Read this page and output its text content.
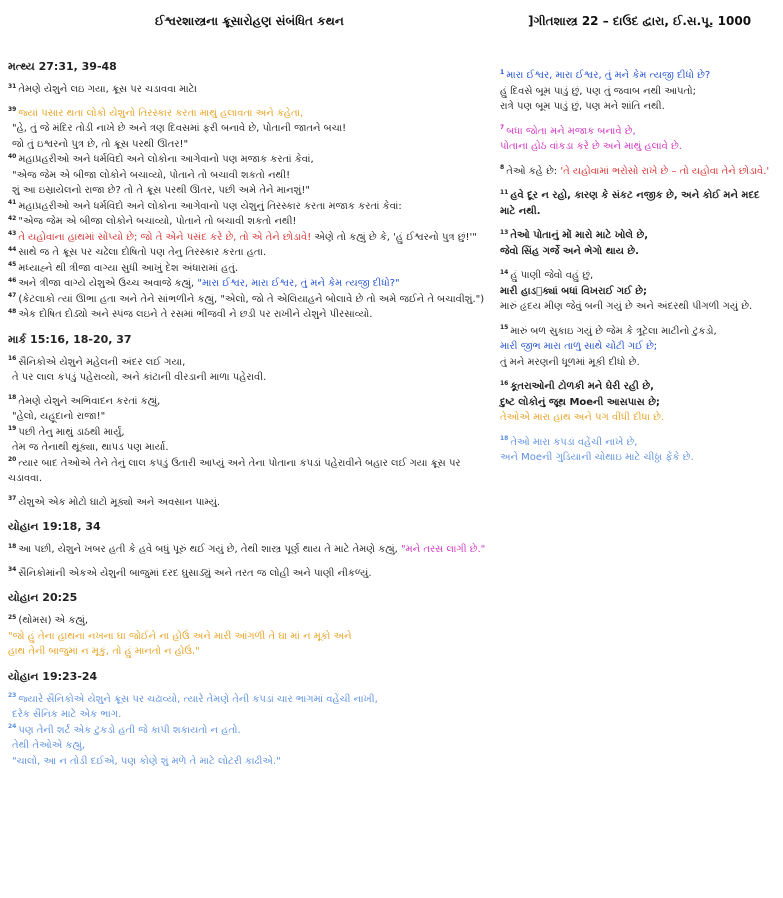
ઈશ્વરશાસ્ત્રના ક્રૂસારોહણ સંબંધિત કથન	]ગીતશાસ્ત્ર 22 – દાઉદ દ્વારા, ઈ.સ.પૂ. 1000
મત્થ્ય 27:31, 39-48

$^{31}$ તેમણે યેશુને લઇ ગયા, ક્રૂસ પર ચડાવવા માટે।

$^{39}$ જ્યાં પસાર થતા લોકો યેશુનો તિરસ્કાર કરતા માથું હલાવતા અને કહેતા,

"હે, તું જે મંદિર તોડી નાખે છે અને ત્રણ દિવસમાં ફરી બનાવે છે, પોતાની જાતને બચા!

જો તું ઇશ્વરનો પુત્ર છે, તો ક્રૂસ પરથી ઊતર!"

$^{40}$ મહાપ્રહરીઓ અને ધર્મવિદો અને લોકોના આગેવાનો પણ મજાક કરતાં કેવાં,

"એજ જેમ એ બીજા લોકોને બચાવ્યો, પોતાને તો બચાવી શકતો નથી!

શું આ ઇસ્રાયેલનો રાજા છે? તો તે ક્રૂસ પરથી ઊતર, પછી અમે તેને માનશું!"

$^{41}$ મહાપ્રહરીઓ અને ધર્મવિદો અને લોકોના આગેવાનો પણ યેશુનું તિરસ્કાર કરતા મજાક કરતાં કેવાં:

$^{42}$ "એજ જેમ એ બીજા લોકોને બચાવ્યો, પોતાને તો બચાવી શકતો નથી!

$^{43}$ તે યહોવાના હાથમાં સોંપ્યો છે; જો તે એને પસંદ કરે છે, તો એ તેને છોડાવે! એણે તો કહ્યું છે કે, 'હું ઈશ્વરનો પુત્ર છું!'"

$^{44}$ સાથે જ તે ક્રૂસ પર ચઢેલા દોષિતો પણ તેનુ તિરસ્કાર કરતા હતા.

$^{45}$ મધ્યાહ્ને થી ત્રીજા વાગ્યા સુધી આખું દેશ અંધારામાં હતું.

$^{46}$ અને ત્રીજા વાગ્યે યેશુએ ઉચ્ચ અવાજે કહ્યું, "મારા ઈશ્વર, મારા ઈશ્વર, તું મને કેમ ત્યજી દીધો?"

$^{47}$ (કેટલાકો ત્યાં ઊભા હતા અને તેને સાંભળીને કહ્યું, "એલો, જો તે એલિયાહને બોલાવે છે તો અમે જઈને તે બચાવીશું.")

$^{48}$ એક દોષિત દોડ્યો અને સ્પંજ લઇને તે રસમાં ભીંજવી ને છડી પર રાખીને યેશુને પીરસાવ્યો.

માર્ક 15:16, 18-20, 37

$^{16}$ સૈનિકોએ યેશુને મહેલની અંદર લઈ ગયા,

તે પર લાલ કપડું પહેરાવ્યો, અને કાંટાની વીરડાની માળા પહેરાવી.

$^{18}$ તેમણે યેશુને અભિવાદન કરતાં કહ્યું,

"હેલો, યહૂદાનો રાજા!"

$^{19}$ પછી તેનુ માથું ડાઠથી માર્યું,

તેમ જ તેનાથી થૂંક્યા, થાપડ પણ માર્યા.

$^{20}$ ત્યાર બાદ તેઓએ તેને તેનું લાલ કપડું ઉતારી આપ્યું અને તેના પોતાના કપડાં પહેરાવીને બહાર લઈ ગયા ક્રૂસ પર ચડાવવા.

$^{37}$ યેશુએ એક મોટો ઘાટો મૂક્યો અને અવસાન પામ્યું.

યોહાન 19:18, 34

$^{18}$ આ પછી, યેશુને ખબર હતી કે હવે બધું પૂરું થઈ ગયું છે, તેથી શાસ્ત્ર પૂર્ણ થાય તે માટે તેમણે કહ્યું, "મને તરસ લાગી છે."

$^{34}$ સૈનિકોમાંની એકએ યેશુની બાજુમાં દરદ ઘુસાડ્યું અને તરત જ લોહી અને પાણી નીકળ્યું.

યોહાન 20:25

$^{25}$ (થોમસ) એ કહ્યું,

"જો હું તેના હાથના નખના ઘા જોઈને ના હોઉં અને મારી આંગળી તે ઘા માં ન મૂકો અને

હાથ તેની બાજુમાં ન મૂકું, તો હું માનતો ન હોઉં."

યોહાન 19:23-24

$^{23}$ જ્યારે સૈનિકોએ યેશુને ક્રૂસ પર ચઢાવ્યો, ત્યારે તેમણે તેની કપડાં ચાર ભાગમાં વહેંચી નાખી,

દરેક સૈનિક માટે એક ભાગ.

$^{24}$ પણ તેની શર્ટ એક ટુકડો હતી જે કાપી શકાયતો ન હતો.

તેથી તેઓએ કહ્યું,

"ચાલો, આ ન તોડી દઈએ, પણ કોણે શું મળે તે માટે લોટરી કાઢીએ."

$^1$ મારા ઈશ્વર, મારા ઈશ્વર, તું મને કેમ ત્યજી દીધો છે?

હું દિવસે બૂમ પાડું છું, પણ તું જવાબ નથી આપતો;

રાત્રે પણ બૂમ પાડું છું, પણ મને શાંતિ નથી.

$^7$ બધા જોતા મને મજાક બનાવે છે,

પોતાના હોઠ વાંકડા કરે છે અને માથું હલાવે છે.

$^8$ તેઓ કહે છે: 'તે યહોવામાં ભરોસો રાખે છે – તો યહોવા તેને છોડાવે.'

$^{11}$ હવે દૂર ન રહો, કારણ કે સંકટ નજીક છે, અને કોઈ મને મદદ માટે નથી.

$^{13}$ તેઓ પોતાનું મોં મારો માટે ખોલે છે,

જેવો સિંહ ગર્જે અને ભેગો થાય છે.

$^{14}$ હું પાણી જેવો વહું છું,

મારી હાડ ક્યાં બધાં વિખરાઈ ગઈ છે;

મારું હૃદય મીણ જેવું બની ગયું છે અને અંદરથી પીગળી ગયું છે.

$^{15}$ મારું બળ સુકાઇ ગયું છે જેમ કે ત્રૂટેલા માટીનો ટુકડો,

મારી જીભ મારા તાળુ સાથે ચોંટી ગઈ છે;

તું મને મરણની ધૂળમાં મૂકી દીધો છે.

$^{16}$ કૂતરાઓની ટોળકી મને ઘેરી રહી છે,

દુષ્ટ લોકોનું જૂથ Moeની આસપાસ છે;

તેઓએ મારા હાથ અને પગ વીંધી દીધા છે.

$^{18}$ તેઓ મારા કપડાં વહેંચી નાખે છે,

અને Moeની ગુડિયાની ચોથાઇ માટે ચીઠ્ઠા ફેંકે છે.
